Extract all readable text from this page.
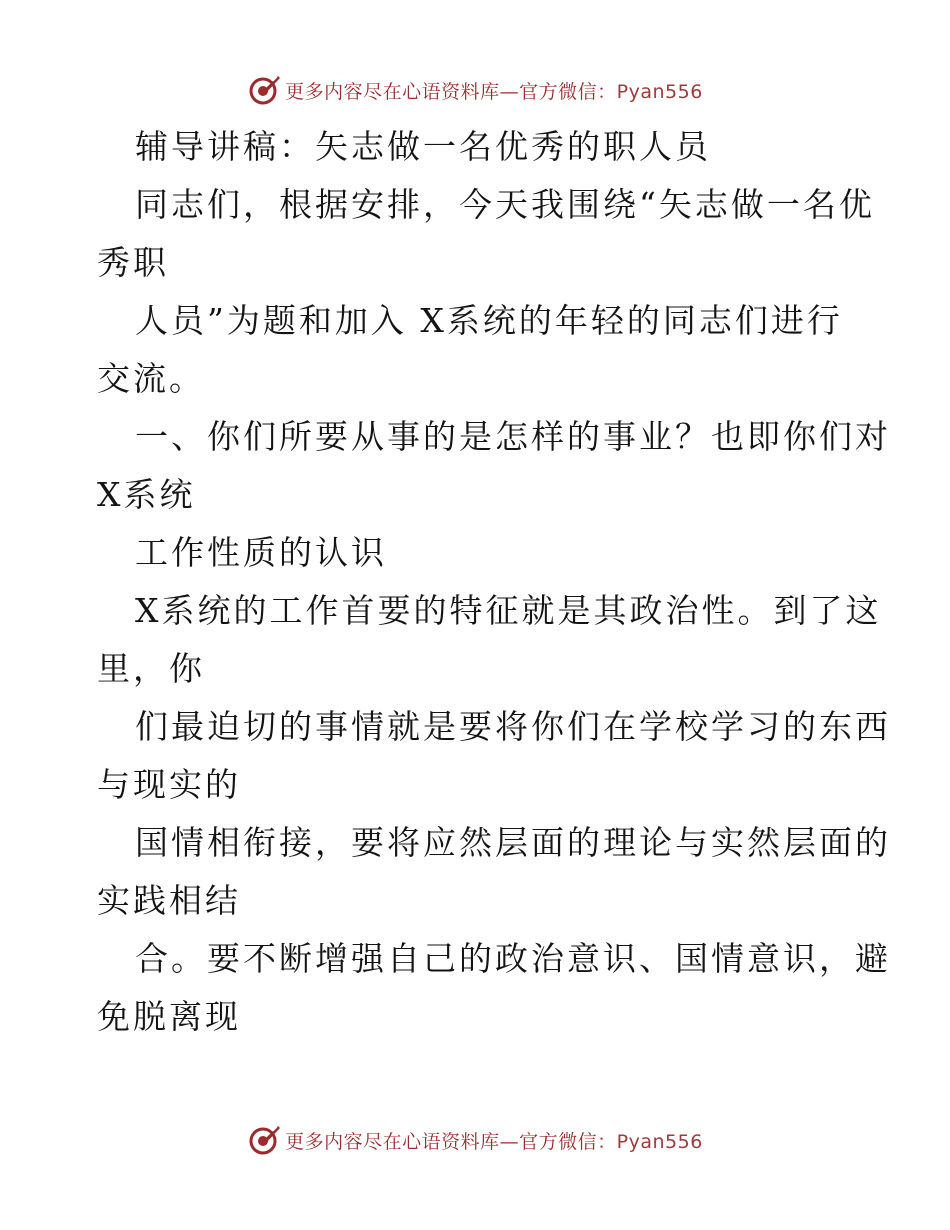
更多内容尽在心语资料库—官方微信：Pyan556
辅导讲稿：矢志做一名优秀的职人员
同志们，根据安排，今天我围绕“矢志做一名优
秀职
人员”为题和加入 X系统的年轻的同志们进行
交流。
一、你们所要从事的是怎样的事业？也即你们对
X系统
工作性质的认识
X系统的工作首要的特征就是其政治性。到了这
里，你
们最迫切的事情就是要将你们在学校学习的东西
与现实的
国情相衔接，要将应然层面的理论与实然层面的
实践相结
合。要不断增强自己的政治意识、国情意识，避
免脱离现
更多内容尽在心语资料库—官方微信：Pyan556
